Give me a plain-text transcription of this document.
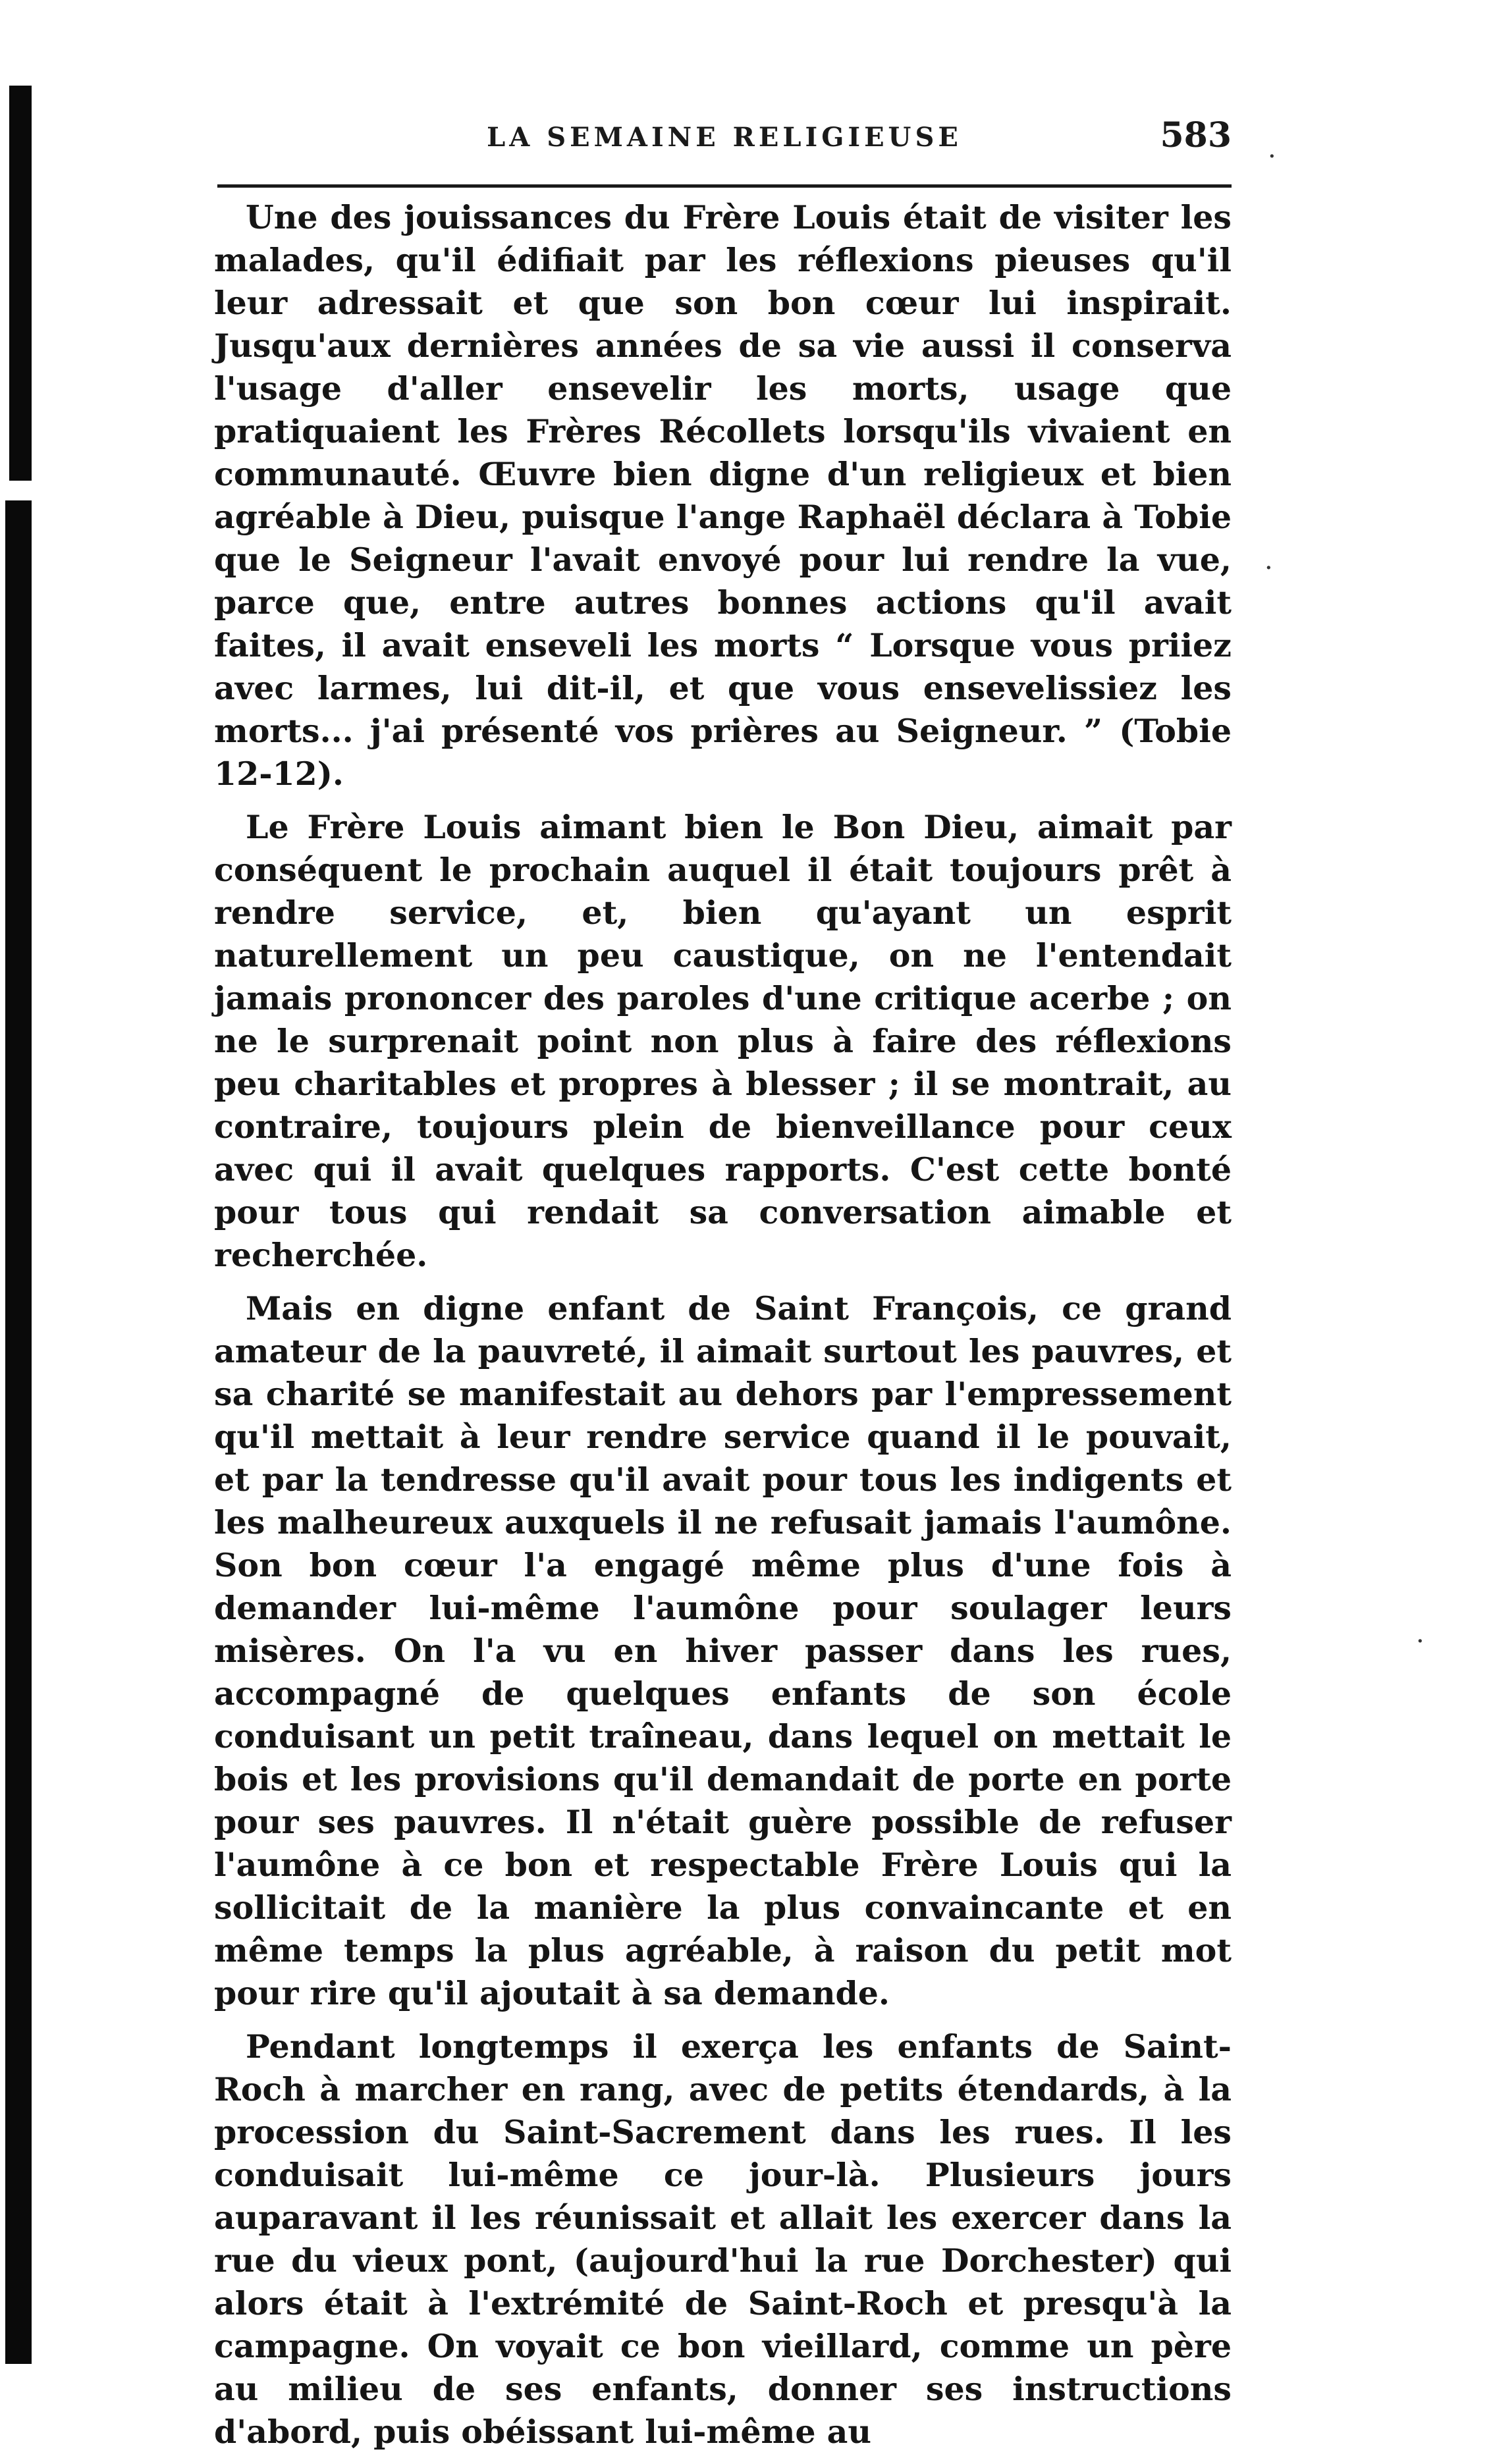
LA SEMAINE RELIGIEUSE	583

Une des jouissances du Frère Louis était de visiter les malades, qu'il édifiait par les réflexions pieuses qu'il leur adressait et que son bon cœur lui inspirait. Jusqu'aux dernières années de sa vie aussi il conserva l'usage d'aller ensevelir les morts, usage que pratiquaient les Frères Récollets lorsqu'ils vivaient en communauté. Œuvre bien digne d'un religieux et bien agréable à Dieu, puisque l'ange Raphaël déclara à Tobie que le Seigneur l'avait envoyé pour lui rendre la vue, parce que, entre autres bonnes actions qu'il avait faites, il avait enseveli les morts “ Lorsque vous priiez avec larmes, lui dit-il, et que vous ensevelissiez les morts... j'ai présenté vos prières au Seigneur. ” (Tobie 12-12).

Le Frère Louis aimant bien le Bon Dieu, aimait par conséquent le prochain auquel il était toujours prêt à rendre service, et, bien qu'ayant un esprit naturellement un peu caustique, on ne l'entendait jamais prononcer des paroles d'une critique acerbe ; on ne le surprenait point non plus à faire des réflexions peu charitables et propres à blesser ; il se montrait, au contraire, toujours plein de bienveillance pour ceux avec qui il avait quelques rapports. C'est cette bonté pour tous qui rendait sa conversation aimable et recherchée.

Mais en digne enfant de Saint François, ce grand amateur de la pauvreté, il aimait surtout les pauvres, et sa charité se manifestait au dehors par l'empressement qu'il mettait à leur rendre service quand il le pouvait, et par la tendresse qu'il avait pour tous les indigents et les malheureux auxquels il ne refusait jamais l'aumône. Son bon cœur l'a engagé même plus d'une fois à demander lui-même l'aumône pour soulager leurs misères. On l'a vu en hiver passer dans les rues, accompagné de quelques enfants de son école conduisant un petit traîneau, dans lequel on mettait le bois et les provisions qu'il demandait de porte en porte pour ses pauvres. Il n'était guère possible de refuser l'aumône à ce bon et respectable Frère Louis qui la sollicitait de la manière la plus convaincante et en même temps la plus agréable, à raison du petit mot pour rire qu'il ajoutait à sa demande.

Pendant longtemps il exerça les enfants de Saint-Roch à marcher en rang, avec de petits étendards, à la procession du Saint-Sacrement dans les rues. Il les conduisait lui-même ce jour-là. Plusieurs jours auparavant il les réunissait et allait les exercer dans la rue du vieux pont, (aujourd'hui la rue Dorchester) qui alors était à l'extrémité de Saint-Roch et presqu'à la campagne. On voyait ce bon vieillard, comme un père au milieu de ses enfants, donner ses instructions d'abord, puis obéissant lui-même au

·
·
·
